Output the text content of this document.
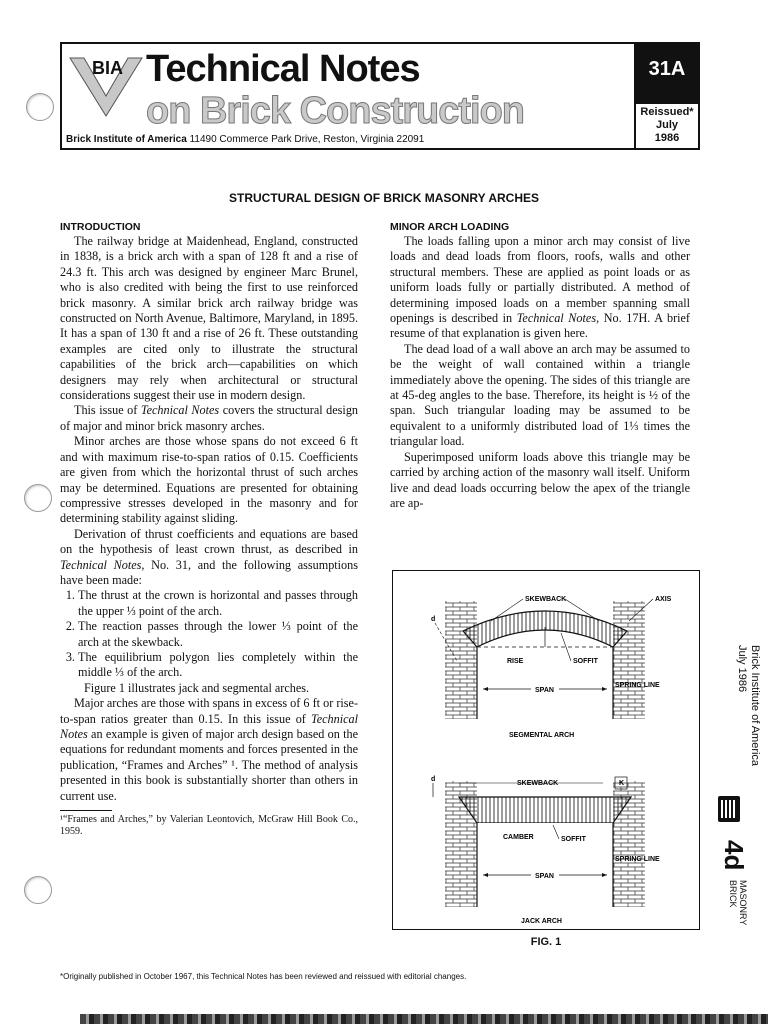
BIA Technical Notes
on Brick Construction
Brick Institute of America 11490 Commerce Park Drive, Reston, Virginia 22091
31A
Reissued*
July
1986
STRUCTURAL DESIGN OF BRICK MASONRY ARCHES
INTRODUCTION

The railway bridge at Maidenhead, England, constructed in 1838, is a brick arch with a span of 128 ft and a rise of 24.3 ft. This arch was designed by engineer Marc Brunel, who is also credited with being the first to use reinforced brick masonry. A similar brick arch railway bridge was constructed on North Avenue, Baltimore, Maryland, in 1895. It has a span of 130 ft and a rise of 26 ft. These outstanding examples are cited only to illustrate the structural capabilities of the brick arch—capabilities on which designers may rely when architectural or structural considerations suggest their use in modern design.

This issue of Technical Notes covers the structural design of major and minor brick masonry arches.

Minor arches are those whose spans do not exceed 6 ft and with maximum rise-to-span ratios of 0.15. Coefficients are given from which the horizontal thrust of such arches may be determined. Equations are presented for obtaining compressive stresses developed in the masonry and for determining stability against sliding.

Derivation of thrust coefficients and equations are based on the hypothesis of least crown thrust, as described in Technical Notes, No. 31, and the following assumptions have been made:

1. The thrust at the crown is horizontal and passes through the upper ⅓ point of the arch.
2. The reaction passes through the lower ⅓ point of the arch at the skewback.
3. The equilibrium polygon lies completely within the middle ⅓ of the arch.

Figure 1 illustrates jack and segmental arches.

Major arches are those with spans in excess of 6 ft or rise-to-span ratios greater than 0.15. In this issue of Technical Notes an example is given of major arch design based on the equations for redundant moments and forces presented in the publication, “Frames and Arches” ¹. The method of analysis presented in this book is substantially shorter than others in current use.

¹“Frames and Arches,” by Valerian Leontovich, McGraw Hill Book Co., 1959.
MINOR ARCH LOADING

The loads falling upon a minor arch may consist of live loads and dead loads from floors, roofs, walls and other structural members. These are applied as point loads or as uniform loads fully or partially distributed. A method of determining imposed loads on a member spanning small openings is described in Technical Notes, No. 17H. A brief resume of that explanation is given here.

The dead load of a wall above an arch may be assumed to be the weight of wall contained within a triangle immediately above the opening. The sides of this triangle are at 45-deg angles to the base. Therefore, its height is ½ of the span. Such triangular loading may be assumed to be equivalent to a uniformly distributed load of 1⅓ times the triangular load.

Superimposed uniform loads above this triangle may be carried by arching action of the masonry wall itself. Uniform live and dead loads occurring below the apex of the triangle are ap-

SKEWBACK	AXIS
d
RISE	SOFFIT
SPAN
SPRING LINE
SEGMENTAL ARCH
d
SKEWBACK	K
CAMBER	SOFFIT
SPAN
SPRING LINE
JACK ARCH
FIG. 1
*Originally published in October 1967, this Technical Notes has been reviewed and reissued with editorial changes.
Brick Institute of America
July 1986
4d
MASONRY
BRICK
